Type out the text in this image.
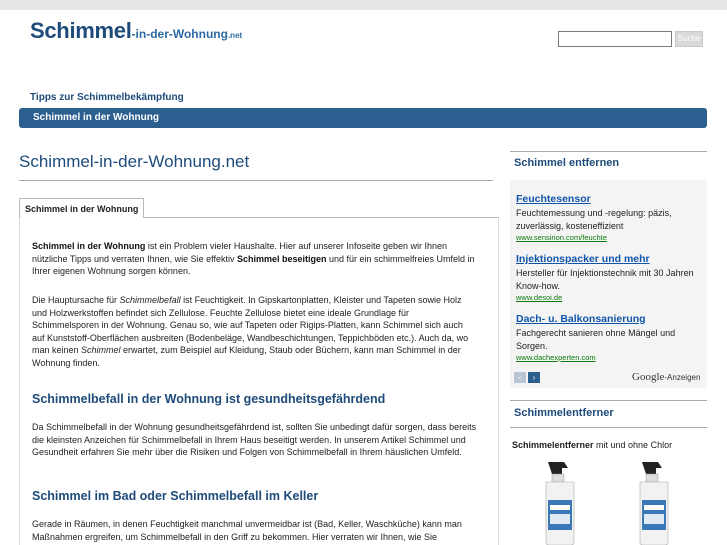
Schimmel-in-der-Wohnung.net	Suche
Tipps zur Schimmelbekämpfung
Schimmel in der Wohnung
Schimmel-in-der-Wohnung.net
Schimmel in der Wohnung
Schimmel in der Wohnung ist ein Problem vieler Haushalte. Hier auf unserer Infoseite geben wir Ihnen nützliche Tipps und verraten Ihnen, wie Sie effektiv Schimmel beseitigen und für ein schimmelfreies Umfeld in Ihrer eigenen Wohnung sorgen können.
Die Hauptursache für Schimmelbefall ist Feuchtigkeit. In Gipskartonplatten, Kleister und Tapeten sowie Holz und Holzwerkstoffen befindet sich Zellulose. Feuchte Zellulose bietet eine ideale Grundlage für Schimmelsporen in der Wohnung. Genau so, wie auf Tapeten oder Rigips-Platten, kann Schimmel sich auch auf Kunststoff-Oberflächen ausbreiten (Bodenbeläge, Wandbeschichtungen, Teppichböden etc.). Auch da, wo man keinen Schimmel erwartet, zum Beispiel auf Kleidung, Staub oder Büchern, kann man Schimmel in der Wohnung finden.
Schimmelbefall in der Wohnung ist gesundheitsgefährdend
Da Schimmelbefall in der Wohnung gesundheitsgefährdend ist, sollten Sie unbedingt dafür sorgen, dass bereits die kleinsten Anzeichen für Schimmelbefall in Ihrem Haus beseitigt werden. In unserem Artikel Schimmel und Gesundheit erfahren Sie mehr über die Risiken und Folgen von Schimmelbefall in Ihrem häuslichen Umfeld.
Schimmel im Bad oder Schimmelbefall im Keller
Gerade in Räumen, in denen Feuchtigkeit manchmal unvermeidbar ist (Bad, Keller, Waschküche) kann man Maßnahmen ergreifen, um Schimmelbefall in den Griff zu bekommen. Hier verraten wir Ihnen, wie Sie
Schimmel entfernen
Feuchtesensor
Feuchtemessung und -regelung: päzis, zuverlässig, kosteneffizient
www.sensirion.com/feuchte
Injektionspacker und mehr
Hersteller für Injektionstechnik mit 30 Jahren Know-how.
www.desoi.de
Dach- u. Balkonsanierung
Fachgerecht sanieren ohne Mängel und Sorgen.
www.dachexperten.com
‹	›	Google-Anzeigen
Schimmelentferner
Schimmelentferner mit und ohne Chlor
